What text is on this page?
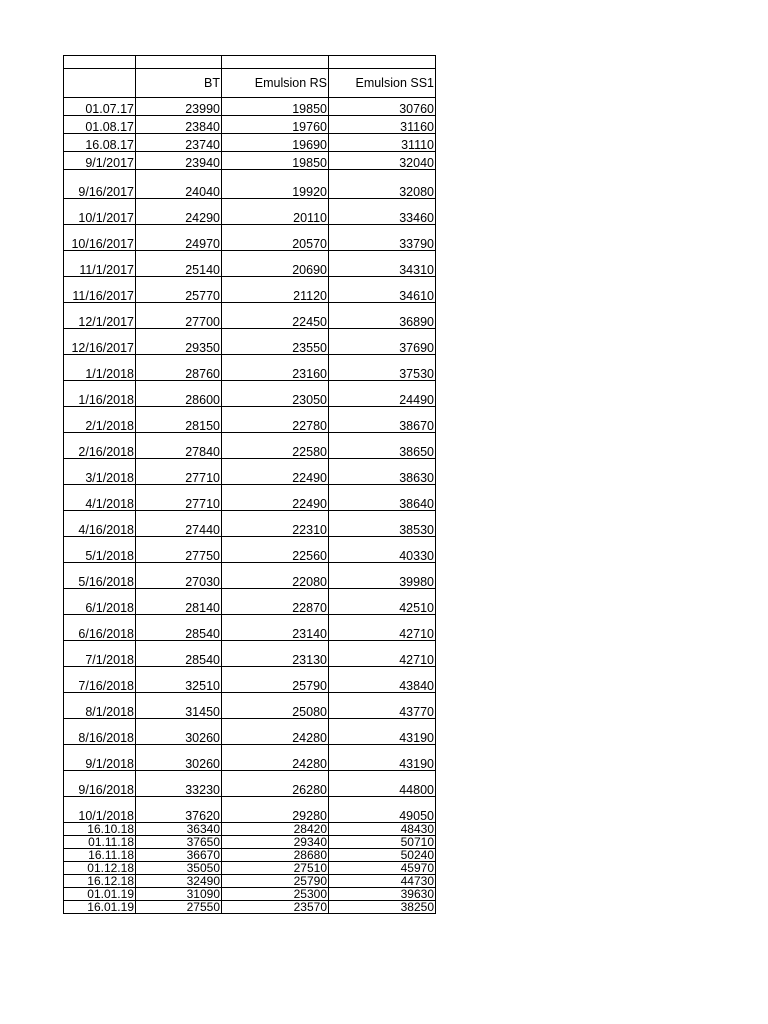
	BT	Emulsion RS	Emulsion SS1
01.07.17	23990	19850	30760
01.08.17	23840	19760	31160
16.08.17	23740	19690	31110
9/1/2017	23940	19850	32040
9/16/2017	24040	19920	32080
10/1/2017	24290	20110	33460
10/16/2017	24970	20570	33790
11/1/2017	25140	20690	34310
11/16/2017	25770	21120	34610
12/1/2017	27700	22450	36890
12/16/2017	29350	23550	37690
1/1/2018	28760	23160	37530
1/16/2018	28600	23050	24490
2/1/2018	28150	22780	38670
2/16/2018	27840	22580	38650
3/1/2018	27710	22490	38630
4/1/2018	27710	22490	38640
4/16/2018	27440	22310	38530
5/1/2018	27750	22560	40330
5/16/2018	27030	22080	39980
6/1/2018	28140	22870	42510
6/16/2018	28540	23140	42710
7/1/2018	28540	23130	42710
7/16/2018	32510	25790	43840
8/1/2018	31450	25080	43770
8/16/2018	30260	24280	43190
9/1/2018	30260	24280	43190
9/16/2018	33230	26280	44800
10/1/2018	37620	29280	49050
16.10.18	36340	28420	48430
01.11.18	37650	29340	50710
16.11.18	36670	28680	50240
01.12.18	35050	27510	45970
16.12.18	32490	25790	44730
01.01.19	31090	25300	39630
16.01.19	27550	23570	38250
